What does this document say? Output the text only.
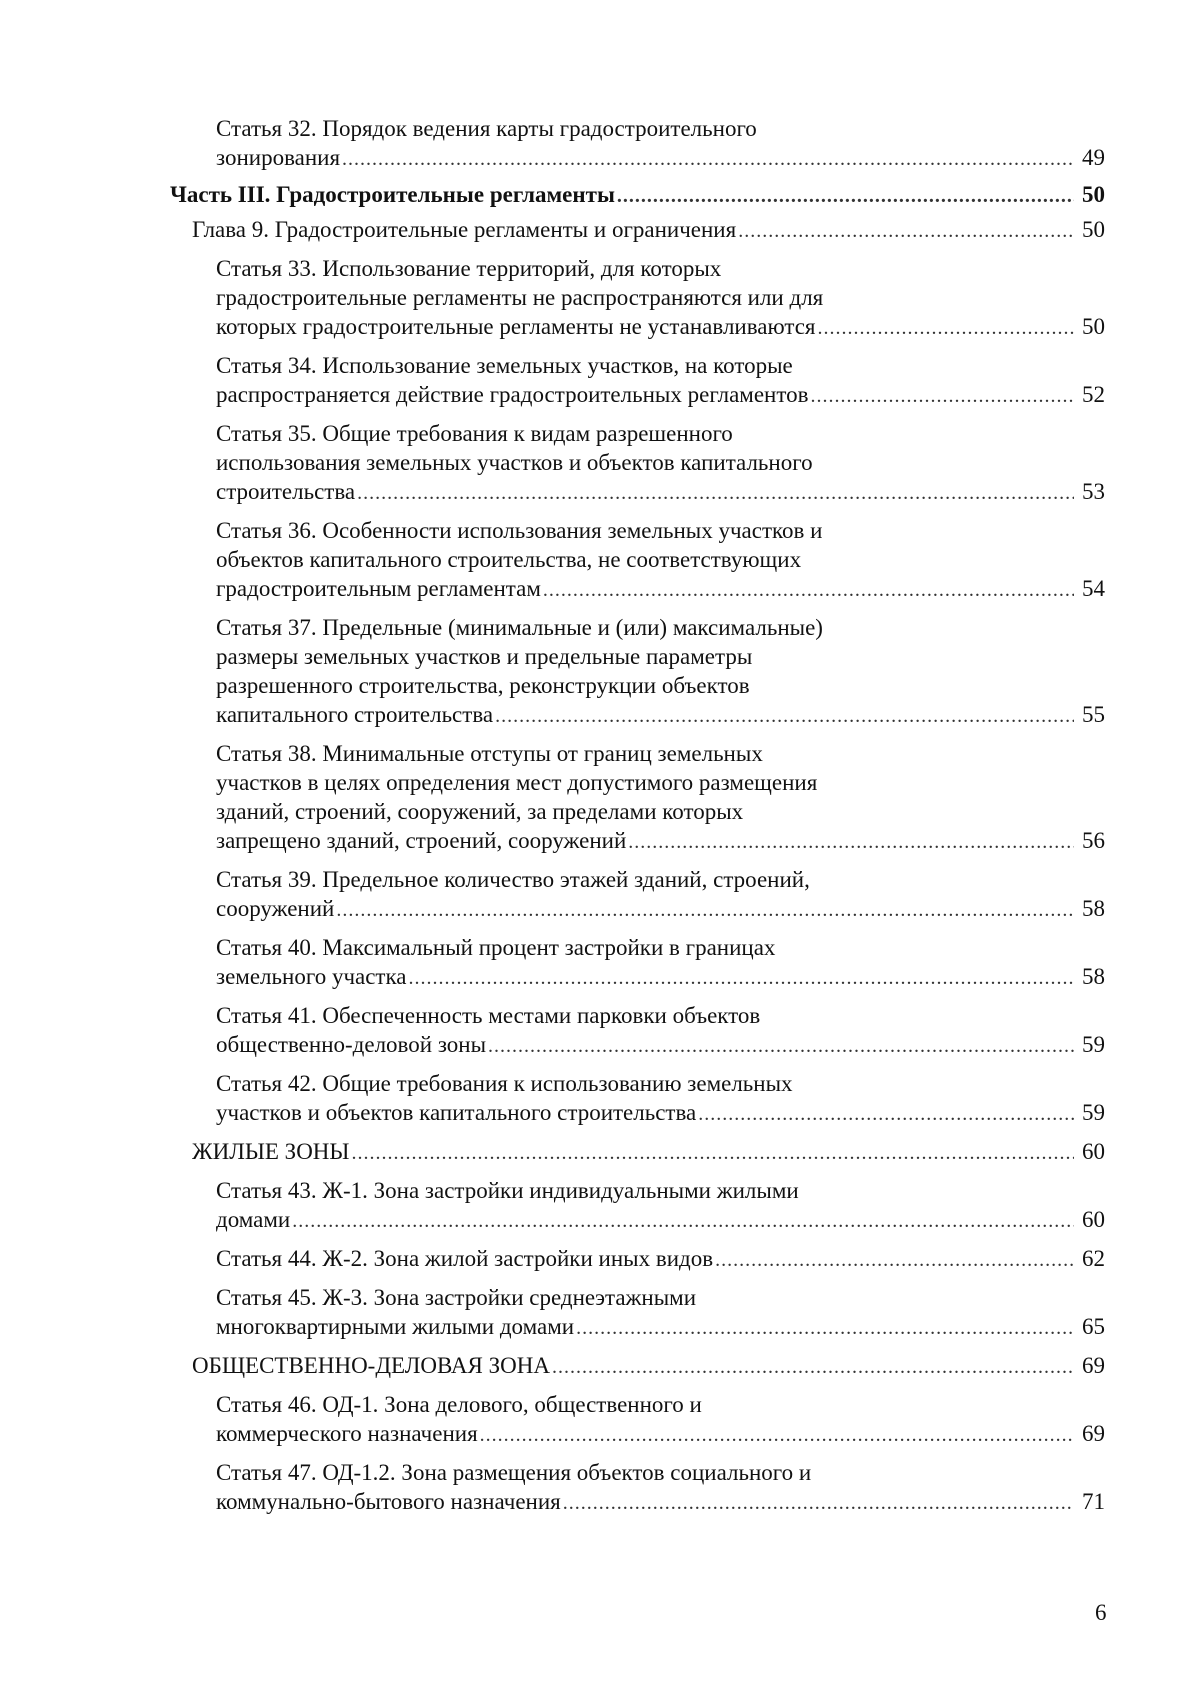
Статья 32. Порядок ведения карты градостроительного
зонирования .....	49
Часть III. Градостроительные регламенты .....	50
Глава 9. Градостроительные регламенты и ограничения .....	50
Статья 33. Использование территорий, для которых
градостроительные регламенты не распространяются или для
которых градостроительные регламенты не устанавливаются .....	50
Статья 34. Использование земельных участков, на которые
распространяется действие градостроительных регламентов .....	52
Статья 35. Общие требования к видам разрешенного
использования земельных участков и объектов капитального
строительства .....	53
Статья 36. Особенности использования земельных участков и
объектов капитального строительства, не соответствующих
градостроительным регламентам .....	54
Статья 37. Предельные (минимальные и (или) максимальные)
размеры земельных участков и предельные параметры
разрешенного строительства, реконструкции объектов
капитального строительства .....	55
Статья 38. Минимальные отступы от границ земельных
участков в целях определения мест допустимого размещения
зданий, строений, сооружений, за пределами которых
запрещено зданий, строений, сооружений .....	56
Статья 39. Предельное количество этажей зданий, строений,
сооружений .....	58
Статья 40. Максимальный процент застройки в границах
земельного участка .....	58
Статья 41. Обеспеченность местами парковки объектов
общественно-деловой зоны .....	59
Статья 42. Общие требования к использованию земельных
участков и объектов капитального строительства .....	59
ЖИЛЫЕ ЗОНЫ .....	60
Статья 43. Ж-1. Зона застройки индивидуальными жилыми
домами .....	60
Статья 44. Ж-2. Зона жилой застройки иных видов .....	62
Статья 45. Ж-3. Зона застройки среднеэтажными
многоквартирными жилыми домами .....	65
ОБЩЕСТВЕННО-ДЕЛОВАЯ ЗОНА .....	69
Статья 46. ОД-1. Зона делового, общественного и
коммерческого назначения .....	69
Статья 47. ОД-1.2. Зона размещения объектов социального и
коммунально-бытового назначения .....	71
6
